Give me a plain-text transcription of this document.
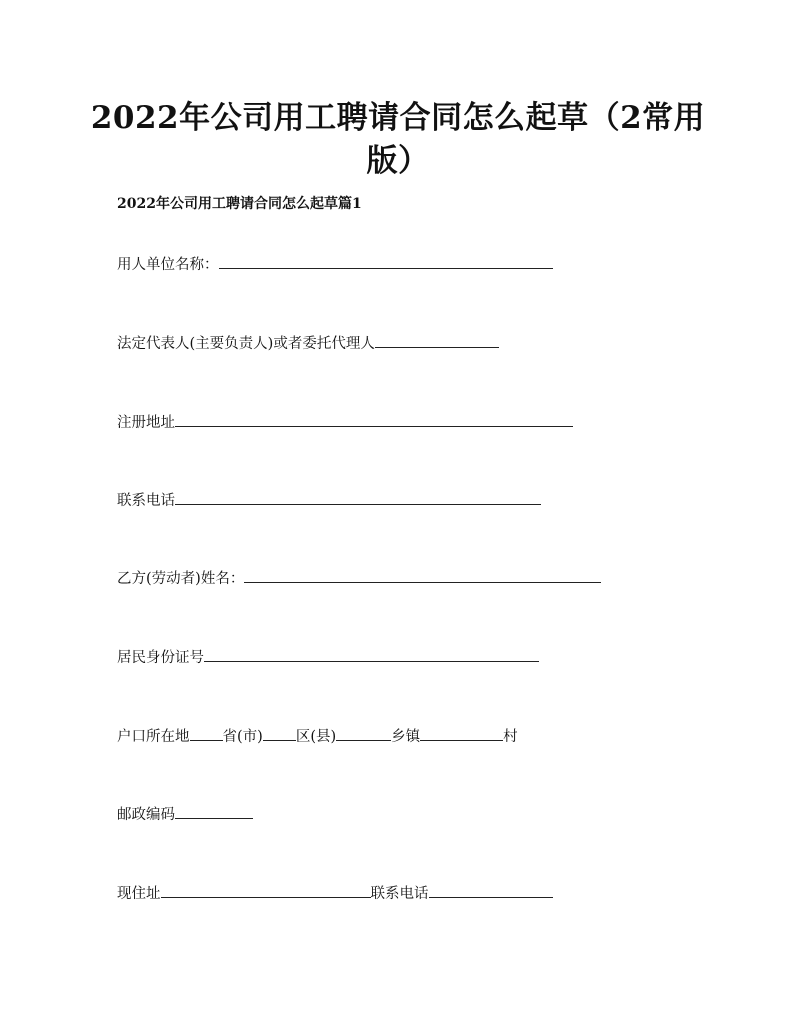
2022年公司用工聘请合同怎么起草（2常用
版）
2022年公司用工聘请合同怎么起草篇1
用人单位名称：
法定代表人(主要负责人)或者委托代理人
注册地址
联系电话
乙方(劳动者)姓名：
居民身份证号
户口所在地 省(市) 区(县)	乡镇	村
邮政编码
现住址	联系电话
